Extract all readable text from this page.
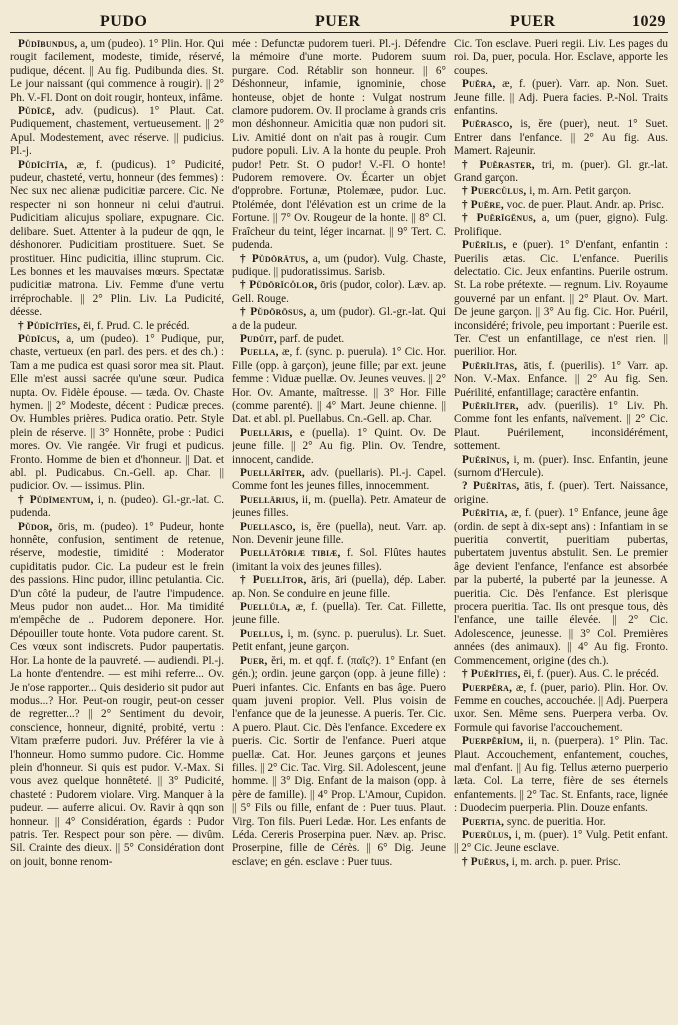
PUDO	PUER	PUER	1029

Pŭdībundus, a, um (pudeo). 1° Plin. Hor. Qui rougit facilement, modeste, timide, réservé, pudique, décent. || Au fig. Pudibunda dies. St. Le jour naissant (qui commence à rougir). || 2° Ph. V.-Fl. Dont on doit rougir, honteux, infâme.

Pŭdīcē, adv. (pudicus). 1° Plaut. Cat. Pudiquement, chastement, vertueusement. || 2° Apul. Modestement, avec réserve. || pudicius. Pl.-j.

Pŭdīcĭtĭa, æ, f. (pudicus). 1° Pudicité, pudeur, chasteté, vertu, honneur (des femmes) : Nec sux nec alienæ pudicitiæ parcere. Cic. Ne respecter ni son honneur ni celui d'autrui. Pudicitiam alicujus spoliare, expugnare. Cic. delibare. Suet. Attenter à la pudeur de qqn, le déshonorer. Pudicitiam prostituere. Suet. Se prostituer. Hinc pudicitia, illinc stuprum. Cic. Les bonnes et les mauvaises mœurs. Spectatæ pudicitiæ matrona. Liv. Femme d'une vertu irréprochable. || 2° Plin. Liv. La Pudicité, déesse.

† Pŭdīcĭtĭes, ēi, f. Prud. C. le précéd.

Pŭdīcus, a, um (pudeo). 1° Pudique, pur, chaste, vertueux (en parl. des pers. et des ch.) : Tam a me pudica est quasi soror mea sit. Plaut. Elle m'est aussi sacrée qu'une sœur. Pudica nupta. Ov. Fidèle épouse. — tæda. Ov. Chaste hymen. || 2° Modeste, décent : Pudicæ preces. Ov. Humbles prières. Pudica oratio. Petr. Style plein de réserve. || 3° Honnête, probe : Pudici mores. Ov. Vie rangée. Vir frugi et pudicus. Fronto. Homme de bien et d'honneur. || Dat. et abl. pl. Pudicabus. Cn.-Gell. ap. Char. || pudicior. Ov. — issimus. Plin.

† Pŭdīmentum, i, n. (pudeo). Gl.-gr.-lat. C. pudenda.

Pŭdor, ōris, m. (pudeo). 1° Pudeur, honte honnête, confusion, sentiment de retenue, réserve, modestie, timidité : Moderator cupiditatis pudor. Cic. La pudeur est le frein des passions. Hinc pudor, illinc petulantia. Cic. D'un côté la pudeur, de l'autre l'impudence. Meus pudor non audet... Hor. Ma timidité m'empêche de .. Pudorem deponere. Hor. Dépouiller toute honte. Vota pudore carent. St. Ces vœux sont indiscrets. Pudor paupertatis. Hor. La honte de la pauvreté. — audiendi. Pl.-j. La honte d'entendre. — est mihi referre... Ov. Je n'ose rapporter... Quis desiderio sit pudor aut modus...? Hor. Peut-on rougir, peut-on cesser de regretter...? || 2° Sentiment du devoir, conscience, honneur, dignité, probité, vertu : Vitam præferre pudori. Juv. Préférer la vie à l'honneur. Homo summo pudore. Cic. Homme plein d'honneur. Si quis est pudor. V.-Max. Si vous avez quelque honnêteté. || 3° Pudicité, chasteté : Pudorem violare. Virg. Manquer à la pudeur. — auferre alicui. Ov. Ravir à qqn son honneur. || 4° Considération, égards : Pudor patris. Ter. Respect pour son père. — divûm. Sil. Crainte des dieux. || 5° Considération dont on jouit, bonne renom-

mée : Defunctæ pudorem tueri. Pl.-j. Défendre la mémoire d'une morte. Pudorem suum purgare. Cod. Rétablir son honneur. || 6° Déshonneur, infamie, ignominie, chose honteuse, objet de honte : Vulgat nostrum clamore pudorem. Ov. Il proclame à grands cris mon déshonneur. Amicitia quæ non pudori sit. Liv. Amitié dont on n'ait pas à rougir. Cum pudore populi. Liv. A la honte du peuple. Proh pudor! Petr. St. O pudor! V.-Fl. O honte! Pudorem removere. Ov. Écarter un objet d'opprobre. Fortunæ, Ptolemæe, pudor. Luc. Ptolémée, dont l'élévation est un crime de la Fortune. || 7° Ov. Rougeur de la honte. || 8° Cl. Fraîcheur du teint, léger incarnat. || 9° Tert. C. pudenda.

† Pŭdōrātus, a, um (pudor). Vulg. Chaste, pudique. || pudoratissimus. Sarisb.

† Pŭdōrĭcŏlor, ōris (pudor, color). Læv. ap. Gell. Rouge.

† Pŭdōrōsus, a, um (pudor). Gl.-gr.-lat. Qui a de la pudeur.

Pudŭit, parf. de pudet.

Puella, æ, f. (sync. p. puerula). 1° Cic. Hor. Fille (opp. à garçon), jeune fille; par ext. jeune femme : Viduæ puellæ. Ov. Jeunes veuves. || 2° Hor. Ov. Amante, maîtresse. || 3° Hor. Fille (comme parenté). || 4° Mart. Jeune chienne. || Dat. et abl. pl. Puellabus. Cn.-Gell. ap. Char.

Puellāris, e (puella). 1° Quint. Ov. De jeune fille. || 2° Au fig. Plin. Ov. Tendre, innocent, candide.

Puellārĭter, adv. (puellaris). Pl.-j. Capel. Comme font les jeunes filles, innocemment.

Puellārius, ii, m. (puella). Petr. Amateur de jeunes filles.

Puellasco, is, ĕre (puella), neut. Varr. ap. Non. Devenir jeune fille.

Puellātōriæ tibiæ, f. Sol. Flûtes hautes (imitant la voix des jeunes filles).

† Puellĭtor, āris, āri (puella), dép. Laber. ap. Non. Se conduire en jeune fille.

Puellŭla, æ, f. (puella). Ter. Cat. Fillette, jeune fille.

Puellus, i, m. (sync. p. puerulus). Lr. Suet. Petit enfant, jeune garçon.

Puer, ĕri, m. et qqf. f. (παῖς?). 1° Enfant (en gén.); ordin. jeune garçon (opp. à jeune fille) : Pueri infantes. Cic. Enfants en bas âge. Puero quam juveni propior. Vell. Plus voisin de l'enfance que de la jeunesse. A pueris. Ter. Cic. A puero. Plaut. Cic. Dès l'enfance. Excedere ex pueris. Cic. Sortir de l'enfance. Pueri atque puellæ. Cat. Hor. Jeunes garçons et jeunes filles. || 2° Cic. Tac. Virg. Sil. Adolescent, jeune homme. || 3° Dig. Enfant de la maison (opp. à père de famille). || 4° Prop. L'Amour, Cupidon. || 5° Fils ou fille, enfant de : Puer tuus. Plaut. Virg. Ton fils. Pueri Ledæ. Hor. Les enfants de Léda. Cereris Proserpina puer. Næv. ap. Prisc. Proserpine, fille de Cérès. || 6° Dig. Jeune esclave; en gén. esclave : Puer tuus.

Cic. Ton esclave. Pueri regii. Liv. Les pages du roi. Da, puer, pocula. Hor. Esclave, apporte les coupes.

Puĕra, æ, f. (puer). Varr. ap. Non. Suet. Jeune fille. || Adj. Puera facies. P.-Nol. Traits enfantins.

Puĕrasco, is, ĕre (puer), neut. 1° Suet. Entrer dans l'enfance. || 2° Au fig. Aus. Mamert. Rajeunir.

† Puĕraster, tri, m. (puer). Gl. gr.-lat. Grand garçon.

† Puercŭlus, i, m. Arn. Petit garçon.

† Puĕre, voc. de puer. Plaut. Andr. ap. Prisc.

† Puĕrĭgĕnus, a, um (puer, gigno). Fulg. Prolifique.

Puĕrīlis, e (puer). 1° D'enfant, enfantin : Puerilis ætas. Cic. L'enfance. Puerilis delectatio. Cic. Jeux enfantins. Puerile ostrum. St. La robe prétexte. — regnum. Liv. Royaume gouverné par un enfant. || 2° Plaut. Ov. Mart. De jeune garçon. || 3° Au fig. Cic. Hor. Puéril, inconsidéré; frivole, peu important : Puerile est. Ter. C'est un enfantillage, ce n'est rien. || puerilior. Hor.

Puĕrīlĭtas, ātis, f. (puerilis). 1° Varr. ap. Non. V.-Max. Enfance. || 2° Au fig. Sen. Puérilité, enfantillage; caractère enfantin.

Puĕrīlĭter, adv. (puerilis). 1° Liv. Ph. Comme font les enfants, naïvement. || 2° Cic. Plaut. Puérilement, inconsidérément, sottement.

Puĕrīnus, i, m. (puer). Insc. Enfantin, jeune (surnom d'Hercule).

? Puĕrĭtas, ātis, f. (puer). Tert. Naissance, origine.

Puĕrĭtia, æ, f. (puer). 1° Enfance, jeune âge (ordin. de sept à dix-sept ans) : Infantiam in se pueritia convertit, pueritiam pubertas, pubertatem juventus abstulit. Sen. Le premier âge devient l'enfance, l'enfance est absorbée par la puberté, la puberté par la jeunesse. A pueritia. Cic. Dès l'enfance. Est plerisque procera pueritia. Tac. Ils ont presque tous, dès l'enfance, une taille élevée. || 2° Cic. Adolescence, jeunesse. || 3° Col. Premières années (des animaux). || 4° Au fig. Fronto. Commencement, origine (des ch.).

† Puĕrĭties, ēi, f. (puer). Aus. C. le précéd.

Puerpĕra, æ, f. (puer, pario). Plin. Hor. Ov. Femme en couches, accouchée. || Adj. Puerpera uxor. Sen. Même sens. Puerpera verba. Ov. Formule qui favorise l'accouchement.

Puerpĕrĭum, ii, n. (puerpera). 1° Plin. Tac. Plaut. Accouchement, enfantement, couches, mal d'enfant. || Au fig. Tellus æterno puerperio læta. Col. La terre, fière de ses éternels enfantements. || 2° Tac. St. Enfants, race, lignée : Duodecim puerperia. Plin. Douze enfants.

Puertia, sync. de pueritia. Hor.

Puerŭlus, i, m. (puer). 1° Vulg. Petit enfant. || 2° Cic. Jeune esclave.

† Puĕrus, i, m. arch. p. puer. Prisc.
